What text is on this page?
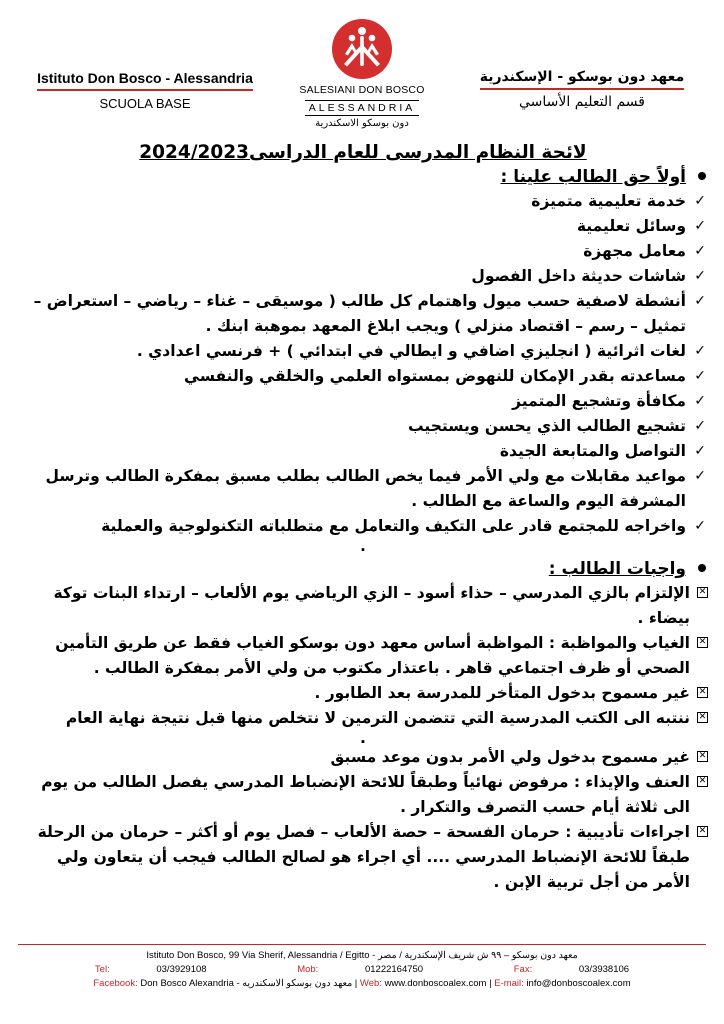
Istituto Don Bosco - Alessandria
SCUOLA BASE
SALESIANI DON BOSCO
ALESSANDRIA
دون بوسكو الاسكندرية
معهد دون بوسكو - الإسكندرية
قسم التعليم الأساسي
لائحة النظام المدرسى للعام الدراسى2024/2023
أولاً حق الطالب علينا :
✓
خدمة تعليمية متميزة
✓
وسائل تعليمية
✓
معامل مجهزة
✓
شاشات حديثة داخل الفصول
✓
أنشطة لاصفية حسب ميول واهتمام كل طالب ( موسيقى – غناء – رياضي – استعراض – تمثيل – رسم – اقتصاد منزلي ) ويجب ابلاغ المعهد بموهبة ابنك .
✓
لغات اثرائية ( انجليزي اضافي و ايطالي في ابتدائي ) + فرنسي اعدادي .
✓
مساعدته بقدر الإمكان للنهوض بمستواه العلمي والخلقي والنفسي
✓
مكافأة وتشجيع المتميز
✓
تشجيع الطالب الذي يحسن ويستجيب
✓
التواصل والمتابعة الجيدة
✓
مواعيد مقابلات مع ولي الأمر فيما يخص الطالب بطلب مسبق بمفكرة الطالب وترسل المشرفة اليوم والساعة مع الطالب .
✓
واخراجه للمجتمع قادر على التكيف والتعامل مع متطلباته التكنولوجية والعملية
.
واجبات الطالب :
✕
الإلتزام بالزي المدرسي – حذاء أسود – الزي الرياضي يوم الألعاب – ارتداء البنات توكة بيضاء .
✕
الغياب والمواظبة : المواظبة أساس معهد دون بوسكو الغياب فقط عن طريق التأمين الصحي أو ظرف اجتماعي قاهر . باعتذار مكتوب من ولي الأمر بمفكرة الطالب .
✕
غير مسموح بدخول المتأخر للمدرسة بعد الطابور .
✕
ننتبه الى الكتب المدرسية التي تتضمن الترمين لا نتخلص منها قبل نتيجة نهاية العام
.
✕
غير مسموح بدخول ولي الأمر بدون موعد مسبق
✕
العنف والإيذاء : مرفوض نهائياً وطبقاً للائحة الإنضباط المدرسي يفصل الطالب من يوم الى ثلاثة أيام حسب التصرف والتكرار .
✕
اجراءات تأديبية : حرمان الفسحة – حصة الألعاب – فصل يوم أو أكثر – حرمان من الرحلة طبقاً للائحة الإنضباط المدرسي .... أي اجراء هو لصالح الطالب فيجب أن يتعاون ولي الأمر من أجل تربية الإبن .
Istituto Don Bosco, 99 Via Sherif, Alessandria / Egitto - معهد دون بوسكو – ٩٩ ش شريف الإسكندرية / مصر
Tel:	03/3929108	Mob:	01222164750	Fax:	03/3938106
Facebook: Don Bosco Alexandria - معهد دون بوسكو الاسكندريه | Web: www.donboscoalex.com | E-mail: info@donboscoalex.com
